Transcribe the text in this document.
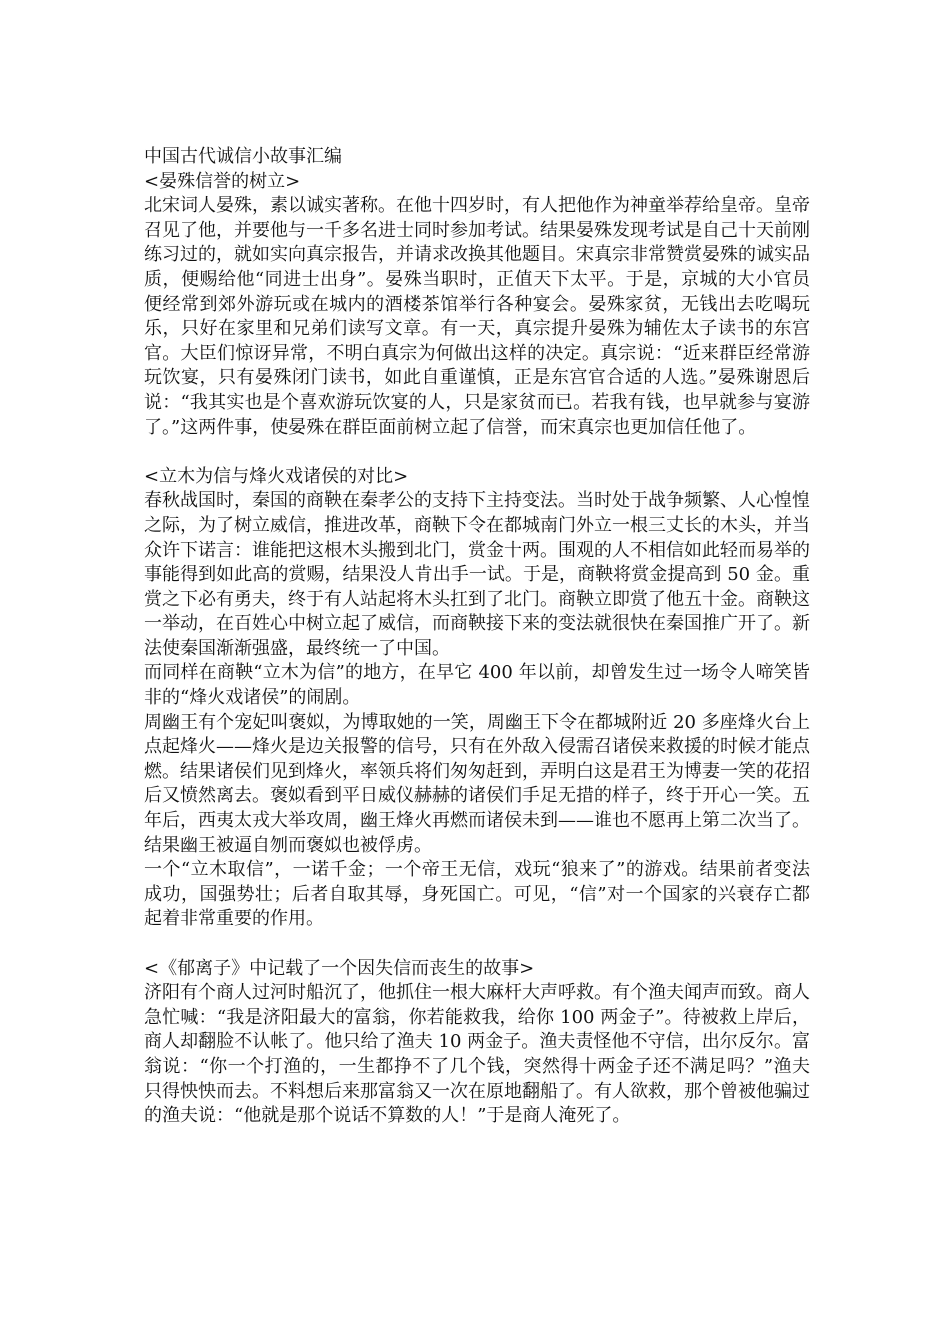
中国古代诚信小故事汇编

<晏殊信誉的树立>

北宋词人晏殊，素以诚实著称。在他十四岁时，有人把他作为神童举荐给皇帝。皇帝召见了他，并要他与一千多名进士同时参加考试。结果晏殊发现考试是自己十天前刚练习过的，就如实向真宗报告，并请求改换其他题目。宋真宗非常赞赏晏殊的诚实品质，便赐给他“同进士出身”。晏殊当职时，正值天下太平。于是，京城的大小官员便经常到郊外游玩或在城内的酒楼茶馆举行各种宴会。晏殊家贫，无钱出去吃喝玩乐，只好在家里和兄弟们读写文章。有一天，真宗提升晏殊为辅佐太子读书的东宫官。大臣们惊讶异常，不明白真宗为何做出这样的决定。真宗说：“近来群臣经常游玩饮宴，只有晏殊闭门读书，如此自重谨慎，正是东宫官合适的人选。”晏殊谢恩后说：“我其实也是个喜欢游玩饮宴的人，只是家贫而已。若我有钱，也早就参与宴游了。”这两件事，使晏殊在群臣面前树立起了信誉，而宋真宗也更加信任他了。

<立木为信与烽火戏诸侯的对比>

春秋战国时，秦国的商鞅在秦孝公的支持下主持变法。当时处于战争频繁、人心惶惶之际，为了树立威信，推进改革，商鞅下令在都城南门外立一根三丈长的木头，并当众许下诺言：谁能把这根木头搬到北门，赏金十两。围观的人不相信如此轻而易举的事能得到如此高的赏赐，结果没人肯出手一试。于是，商鞅将赏金提高到 50 金。重赏之下必有勇夫，终于有人站起将木头扛到了北门。商鞅立即赏了他五十金。商鞅这一举动，在百姓心中树立起了威信，而商鞅接下来的变法就很快在秦国推广开了。新法使秦国渐渐强盛，最终统一了中国。

而同样在商鞅“立木为信”的地方，在早它 400 年以前，却曾发生过一场令人啼笑皆非的“烽火戏诸侯”的闹剧。

周幽王有个宠妃叫褒姒，为博取她的一笑，周幽王下令在都城附近 20 多座烽火台上点起烽火——烽火是边关报警的信号，只有在外敌入侵需召诸侯来救援的时候才能点燃。结果诸侯们见到烽火，率领兵将们匆匆赶到，弄明白这是君王为博妻一笑的花招后又愤然离去。褒姒看到平日威仪赫赫的诸侯们手足无措的样子，终于开心一笑。五年后，西夷太戎大举攻周，幽王烽火再燃而诸侯未到——谁也不愿再上第二次当了。结果幽王被逼自刎而褒姒也被俘虏。

一个“立木取信”，一诺千金；一个帝王无信，戏玩“狼来了”的游戏。结果前者变法成功，国强势壮；后者自取其辱，身死国亡。可见，“信”对一个国家的兴衰存亡都起着非常重要的作用。

<《郁离子》中记载了一个因失信而丧生的故事>

济阳有个商人过河时船沉了，他抓住一根大麻杆大声呼救。有个渔夫闻声而致。商人急忙喊：“我是济阳最大的富翁，你若能救我，给你 100 两金子”。待被救上岸后，商人却翻脸不认帐了。他只给了渔夫 10 两金子。渔夫责怪他不守信，出尔反尔。富翁说：“你一个打渔的，一生都挣不了几个钱，突然得十两金子还不满足吗？”渔夫只得怏怏而去。不料想后来那富翁又一次在原地翻船了。有人欲救，那个曾被他骗过的渔夫说：“他就是那个说话不算数的人！”于是商人淹死了。
